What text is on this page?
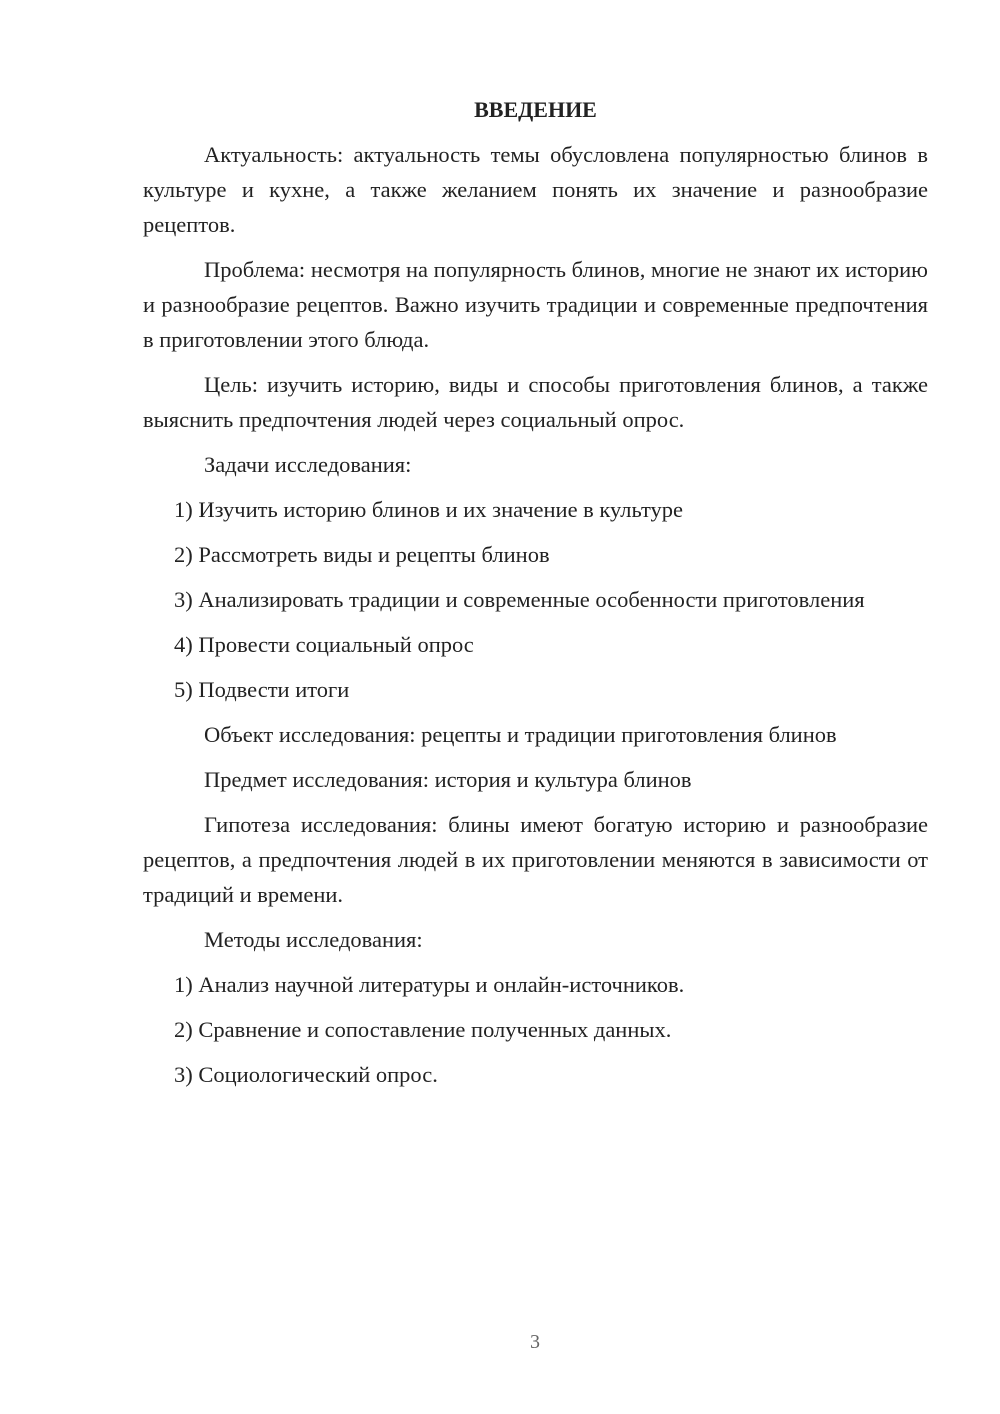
ВВЕДЕНИЕ
Актуальность: актуальность темы обусловлена популярностью блинов в культуре и кухне, а также желанием понять их значение и разнообразие рецептов.
Проблема: несмотря на популярность блинов, многие не знают их историю и разнообразие рецептов. Важно изучить традиции и современные предпочтения в приготовлении этого блюда.
Цель: изучить историю, виды и способы приготовления блинов, а также выяснить предпочтения людей через социальный опрос.
Задачи исследования:
1) Изучить историю блинов и их значение в культуре
2) Рассмотреть виды и рецепты блинов
3) Анализировать традиции и современные особенности приготовления
4) Провести социальный опрос
5) Подвести итоги
Объект исследования: рецепты и традиции приготовления блинов
Предмет исследования: история и культура блинов
Гипотеза исследования: блины имеют богатую историю и разнообразие рецептов, а предпочтения людей в их приготовлении меняются в зависимости от традиций и времени.
Методы исследования:
1) Анализ научной литературы и онлайн-источников.
2) Сравнение и сопоставление полученных данных.
3) Социологический опрос.
3
